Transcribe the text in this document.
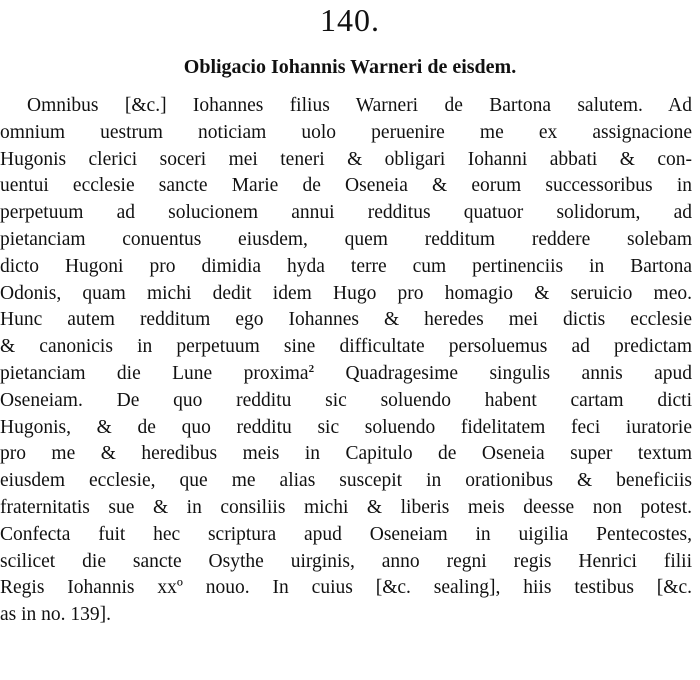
140.
Obligacio Iohannis Warneri de eisdem.
Omnibus [&c.] Iohannes filius Warneri de Bartona salutem. Ad
omnium uestrum noticiam uolo peruenire me ex assignacione
Hugonis clerici soceri mei teneri & obligari Iohanni abbati & con-
uentui ecclesie sancte Marie de Oseneia & eorum successoribus in
perpetuum ad solucionem annui redditus quatuor solidorum, ad
pietanciam conuentus eiusdem, quem redditum reddere solebam
dicto Hugoni pro dimidia hyda terre cum pertinenciis in Bartona
Odonis, quam michi dedit idem Hugo pro homagio & seruicio meo.
Hunc autem redditum ego Iohannes & heredes mei dictis ecclesie
& canonicis in perpetuum sine difficultate persoluemus ad predictam
pietanciam die Lune proxima$^2$ Quadragesime singulis annis apud
Oseneiam. De quo redditu sic soluendo habent cartam dicti
Hugonis, & de quo redditu sic soluendo fidelitatem feci iuratorie
pro me & heredibus meis in Capitulo de Oseneia super textum
eiusdem ecclesie, que me alias suscepit in orationibus & beneficiis
fraternitatis sue & in consiliis michi & liberis meis deesse non potest.
Confecta fuit hec scriptura apud Oseneiam in uigilia Pentecostes,
scilicet die sancte Osythe uirginis, anno regni regis Henrici filii
Regis Iohannis xxº nouo. In cuius [&c. sealing], hiis testibus [&c.
as in no. 139].
